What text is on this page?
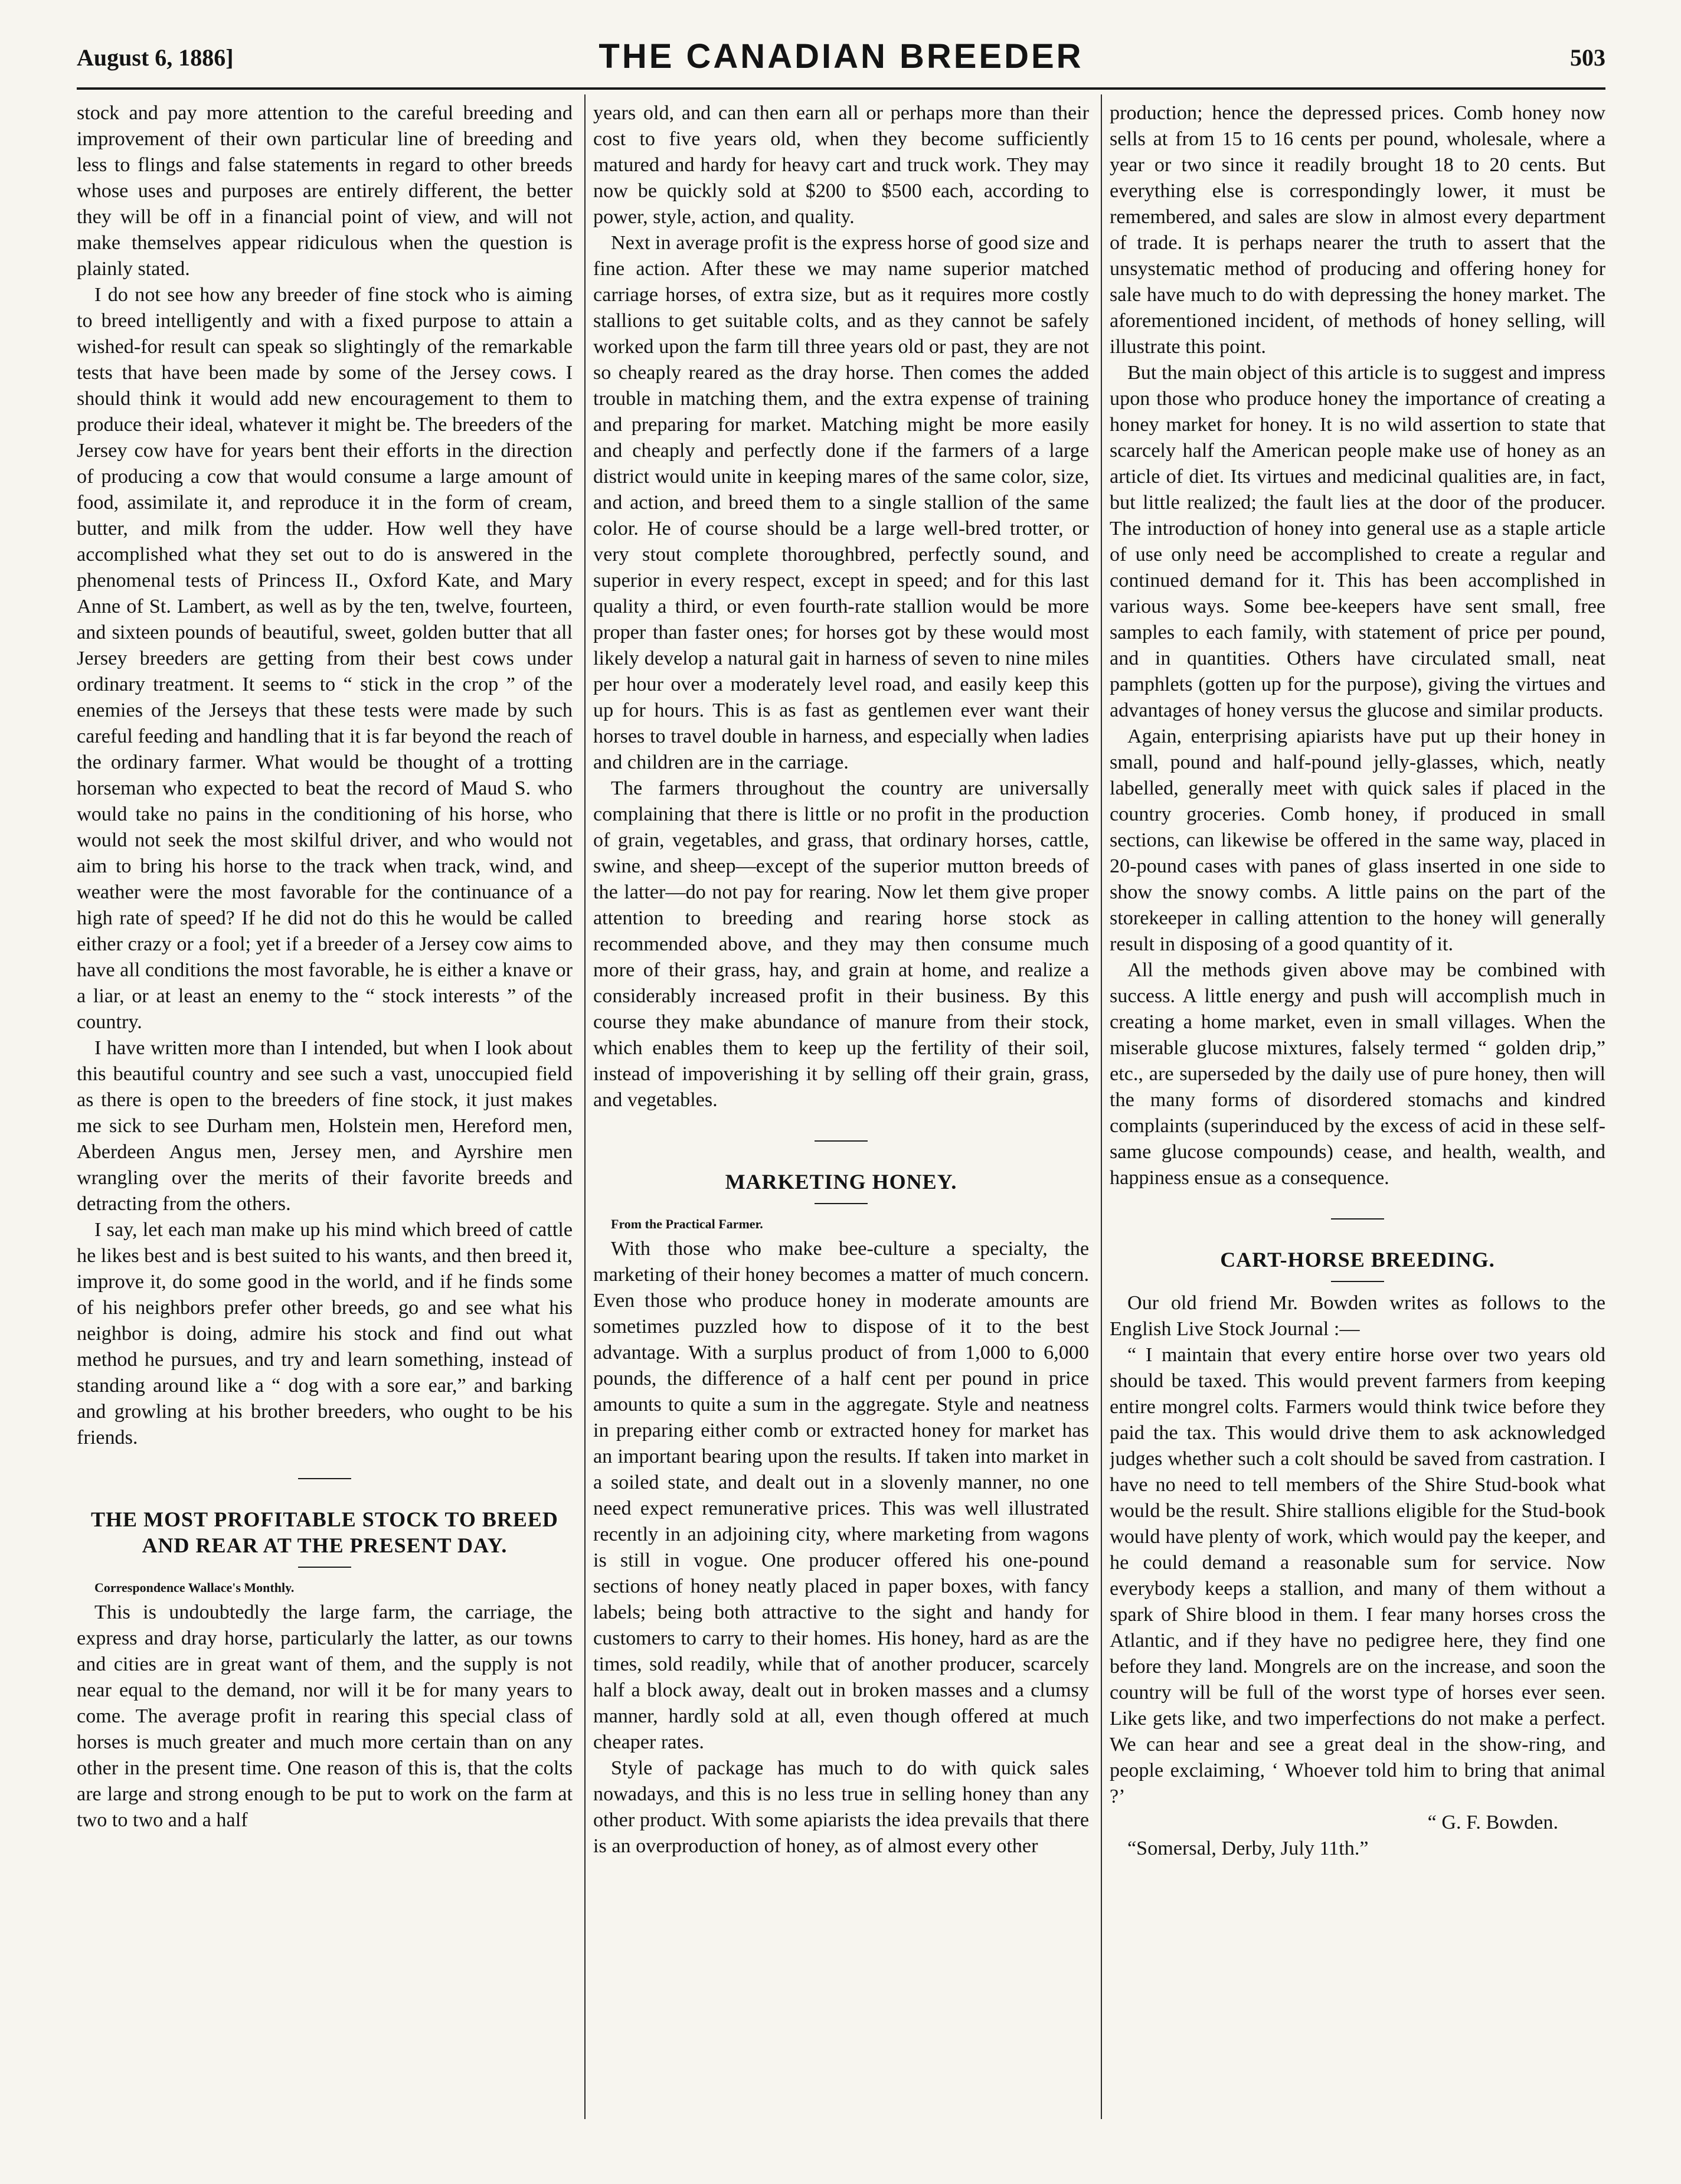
August 6, 1886]	THE CANADIAN BREEDER	503

stock and pay more attention to the careful breeding and improvement of their own particular line of breeding and less to flings and false statements in regard to other breeds whose uses and purposes are entirely different, the better they will be off in a financial point of view, and will not make themselves appear ridiculous when the question is plainly stated.

I do not see how any breeder of fine stock who is aiming to breed intelligently and with a fixed purpose to attain a wished-for result can speak so slightingly of the remarkable tests that have been made by some of the Jersey cows. I should think it would add new encouragement to them to produce their ideal, whatever it might be. The breeders of the Jersey cow have for years bent their efforts in the direction of producing a cow that would consume a large amount of food, assimilate it, and reproduce it in the form of cream, butter, and milk from the udder. How well they have accomplished what they set out to do is answered in the phenomenal tests of Princess II., Oxford Kate, and Mary Anne of St. Lambert, as well as by the ten, twelve, fourteen, and sixteen pounds of beautiful, sweet, golden butter that all Jersey breeders are getting from their best cows under ordinary treatment. It seems to “ stick in the crop ” of the enemies of the Jerseys that these tests were made by such careful feeding and handling that it is far beyond the reach of the ordinary farmer. What would be thought of a trotting horseman who expected to beat the record of Maud S. who would take no pains in the conditioning of his horse, who would not seek the most skilful driver, and who would not aim to bring his horse to the track when track, wind, and weather were the most favorable for the continuance of a high rate of speed? If he did not do this he would be called either crazy or a fool; yet if a breeder of a Jersey cow aims to have all conditions the most favorable, he is either a knave or a liar, or at least an enemy to the “ stock interests ” of the country.

I have written more than I intended, but when I look about this beautiful country and see such a vast, unoccupied field as there is open to the breeders of fine stock, it just makes me sick to see Durham men, Holstein men, Hereford men, Aberdeen Angus men, Jersey men, and Ayrshire men wrangling over the merits of their favorite breeds and detracting from the others.

I say, let each man make up his mind which breed of cattle he likes best and is best suited to his wants, and then breed it, improve it, do some good in the world, and if he finds some of his neighbors prefer other breeds, go and see what his neighbor is doing, admire his stock and find out what method he pursues, and try and learn something, instead of standing around like a “ dog with a sore ear,” and barking and growling at his brother breeders, who ought to be his friends.

THE MOST PROFITABLE STOCK TO BREED AND REAR AT THE PRESENT DAY.

Correspondence Wallace's Monthly.

This is undoubtedly the large farm, the carriage, the express and dray horse, particularly the latter, as our towns and cities are in great want of them, and the supply is not near equal to the demand, nor will it be for many years to come. The average profit in rearing this special class of horses is much greater and much more certain than on any other in the present time. One reason of this is, that the colts are large and strong enough to be put to work on the farm at two to two and a half

years old, and can then earn all or perhaps more than their cost to five years old, when they become sufficiently matured and hardy for heavy cart and truck work. They may now be quickly sold at $200 to $500 each, according to power, style, action, and quality.

Next in average profit is the express horse of good size and fine action. After these we may name superior matched carriage horses, of extra size, but as it requires more costly stallions to get suitable colts, and as they cannot be safely worked upon the farm till three years old or past, they are not so cheaply reared as the dray horse. Then comes the added trouble in matching them, and the extra expense of training and preparing for market. Matching might be more easily and cheaply and perfectly done if the farmers of a large district would unite in keeping mares of the same color, size, and action, and breed them to a single stallion of the same color. He of course should be a large well-bred trotter, or very stout complete thoroughbred, perfectly sound, and superior in every respect, except in speed; and for this last quality a third, or even fourth-rate stallion would be more proper than faster ones; for horses got by these would most likely develop a natural gait in harness of seven to nine miles per hour over a moderately level road, and easily keep this up for hours. This is as fast as gentlemen ever want their horses to travel double in harness, and especially when ladies and children are in the carriage.

The farmers throughout the country are universally complaining that there is little or no profit in the production of grain, vegetables, and grass, that ordinary horses, cattle, swine, and sheep—except of the superior mutton breeds of the latter—do not pay for rearing. Now let them give proper attention to breeding and rearing horse stock as recommended above, and they may then consume much more of their grass, hay, and grain at home, and realize a considerably increased profit in their business. By this course they make abundance of manure from their stock, which enables them to keep up the fertility of their soil, instead of impoverishing it by selling off their grain, grass, and vegetables.

MARKETING HONEY.

From the Practical Farmer.

With those who make bee-culture a specialty, the marketing of their honey becomes a matter of much concern. Even those who produce honey in moderate amounts are sometimes puzzled how to dispose of it to the best advantage. With a surplus product of from 1,000 to 6,000 pounds, the difference of a half cent per pound in price amounts to quite a sum in the aggregate. Style and neatness in preparing either comb or extracted honey for market has an important bearing upon the results. If taken into market in a soiled state, and dealt out in a slovenly manner, no one need expect remunerative prices. This was well illustrated recently in an adjoining city, where marketing from wagons is still in vogue. One producer offered his one-pound sections of honey neatly placed in paper boxes, with fancy labels; being both attractive to the sight and handy for customers to carry to their homes. His honey, hard as are the times, sold readily, while that of another producer, scarcely half a block away, dealt out in broken masses and a clumsy manner, hardly sold at all, even though offered at much cheaper rates.

Style of package has much to do with quick sales nowadays, and this is no less true in selling honey than any other product. With some apiarists the idea prevails that there is an overproduction of honey, as of almost every other

production; hence the depressed prices. Comb honey now sells at from 15 to 16 cents per pound, wholesale, where a year or two since it readily brought 18 to 20 cents. But everything else is correspondingly lower, it must be remembered, and sales are slow in almost every department of trade. It is perhaps nearer the truth to assert that the unsystematic method of producing and offering honey for sale have much to do with depressing the honey market. The aforementioned incident, of methods of honey selling, will illustrate this point.

But the main object of this article is to suggest and impress upon those who produce honey the importance of creating a honey market for honey. It is no wild assertion to state that scarcely half the American people make use of honey as an article of diet. Its virtues and medicinal qualities are, in fact, but little realized; the fault lies at the door of the producer. The introduction of honey into general use as a staple article of use only need be accomplished to create a regular and continued demand for it. This has been accomplished in various ways. Some bee-keepers have sent small, free samples to each family, with statement of price per pound, and in quantities. Others have circulated small, neat pamphlets (gotten up for the purpose), giving the virtues and advantages of honey versus the glucose and similar products.

Again, enterprising apiarists have put up their honey in small, pound and half-pound jelly-glasses, which, neatly labelled, generally meet with quick sales if placed in the country groceries. Comb honey, if produced in small sections, can likewise be offered in the same way, placed in 20-pound cases with panes of glass inserted in one side to show the snowy combs. A little pains on the part of the storekeeper in calling attention to the honey will generally result in disposing of a good quantity of it.

All the methods given above may be combined with success. A little energy and push will accomplish much in creating a home market, even in small villages. When the miserable glucose mixtures, falsely termed “ golden drip,” etc., are superseded by the daily use of pure honey, then will the many forms of disordered stomachs and kindred complaints (superinduced by the excess of acid in these self-same glucose compounds) cease, and health, wealth, and happiness ensue as a consequence.

CART-HORSE BREEDING.

Our old friend Mr. Bowden writes as follows to the English Live Stock Journal :—

“ I maintain that every entire horse over two years old should be taxed. This would prevent farmers from keeping entire mongrel colts. Farmers would think twice before they paid the tax. This would drive them to ask acknowledged judges whether such a colt should be saved from castration. I have no need to tell members of the Shire Stud-book what would be the result. Shire stallions eligible for the Stud-book would have plenty of work, which would pay the keeper, and he could demand a reasonable sum for service. Now everybody keeps a stallion, and many of them without a spark of Shire blood in them. I fear many horses cross the Atlantic, and if they have no pedigree here, they find one before they land. Mongrels are on the increase, and soon the country will be full of the worst type of horses ever seen. Like gets like, and two imperfections do not make a perfect. We can hear and see a great deal in the show-ring, and people exclaiming, ‘ Whoever told him to bring that animal ?’

“ G. F. Bowden.

“Somersal, Derby, July 11th.”
